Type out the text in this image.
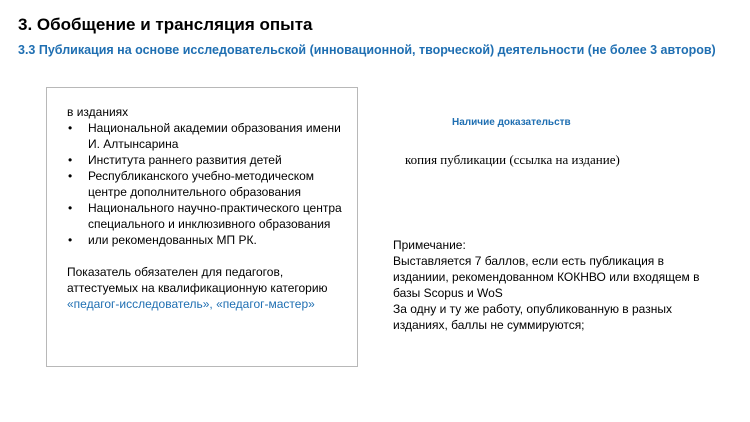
3. Обобщение и трансляция опыта
3.3 Публикация на основе исследовательской (инновационной, творческой) деятельности (не более 3 авторов)
в изданиях
• Национальной академии образования имени И. Алтынсарина
• Института раннего развития детей
• Республиканского учебно-методическом центре дополнительного образования
• Национального научно-практического центра специального и инклюзивного образования
• или рекомендованных МП РК.
Показатель обязателен для педагогов, аттестуемых на квалификационную категорию
«педагог-исследователь», «педагог-мастер»
Наличие доказательств
копия публикации (ссылка на издание)
Примечание:
Выставляется 7 баллов, если есть публикация в изданиии, рекомендованном КОКНВО или входящем в базы Scopus и WoS
За одну и ту же работу, опубликованную в разных изданиях, баллы не суммируются;
